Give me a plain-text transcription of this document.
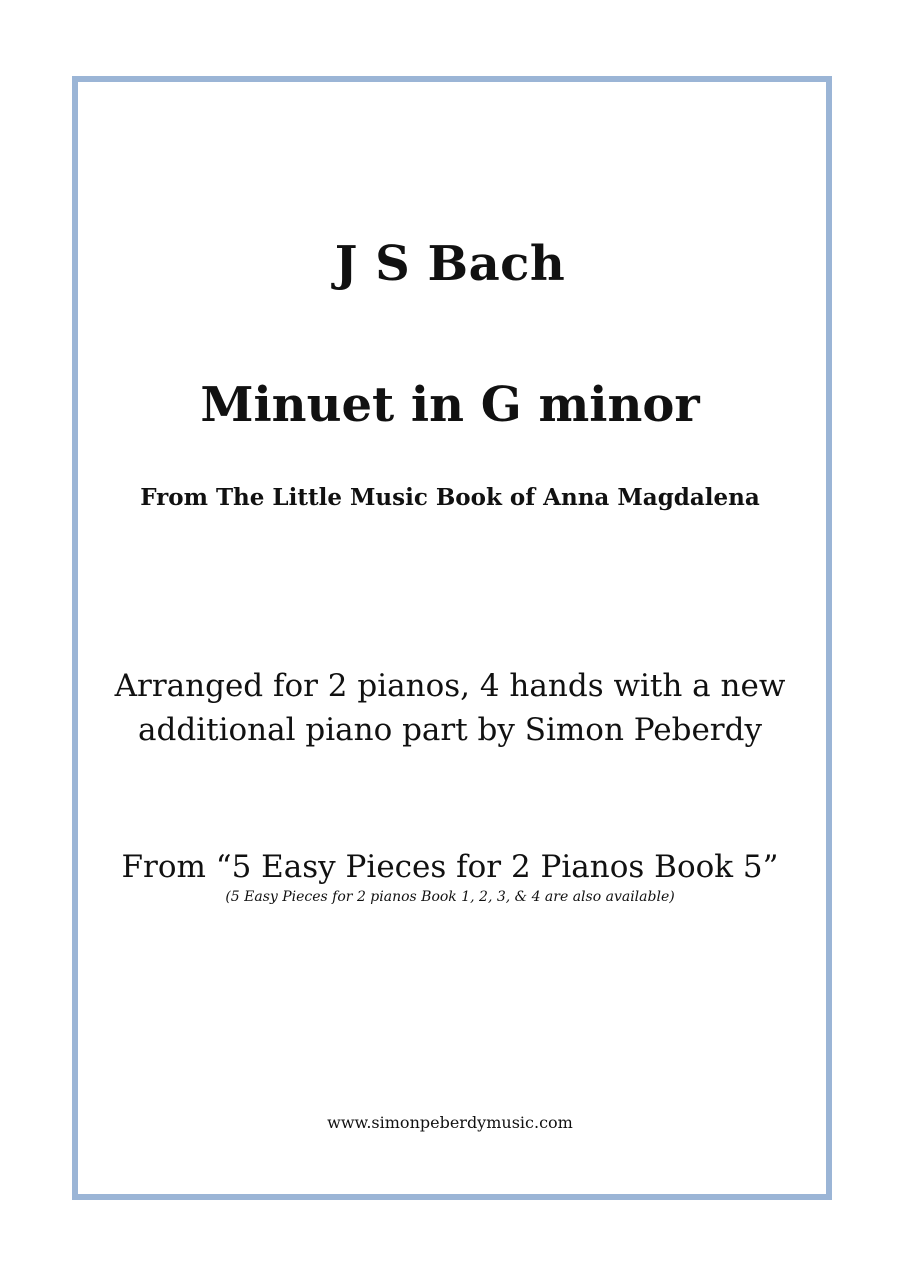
J S Bach
Minuet in G minor
From The Little Music Book of Anna Magdalena
Arranged for 2 pianos, 4 hands with a new
additional piano part by Simon Peberdy
From “5 Easy Pieces for 2 Pianos Book 5”
(5 Easy Pieces for 2 pianos Book 1, 2, 3, & 4 are also available)
www.simonpeberdymusic.com
